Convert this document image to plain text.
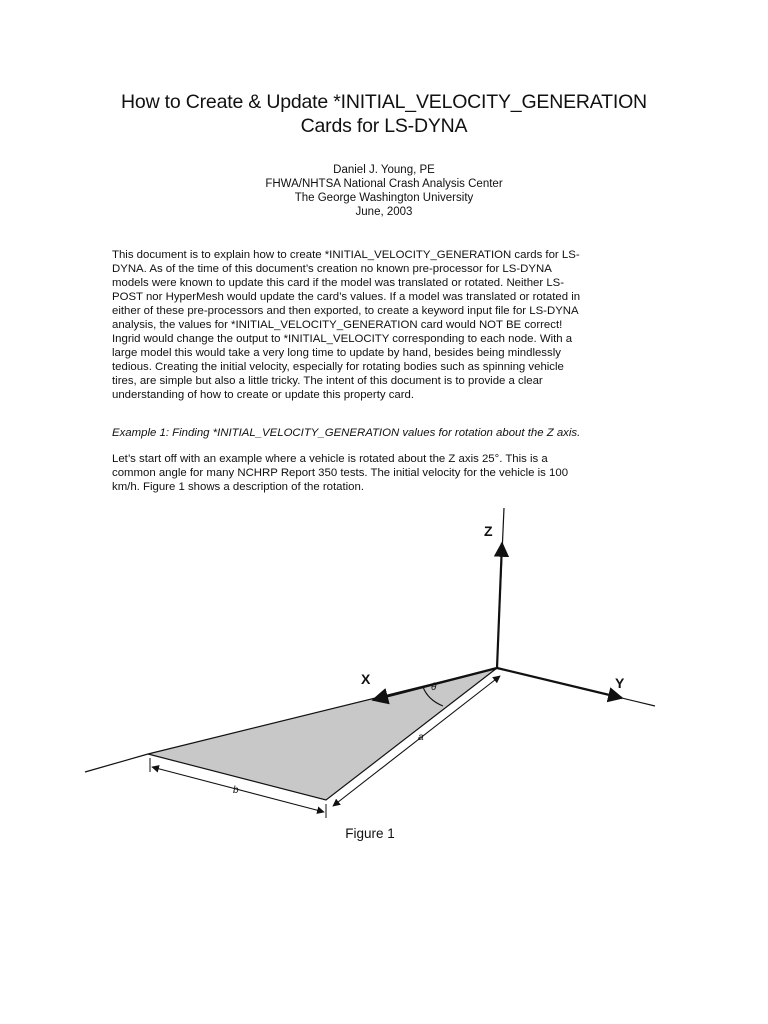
How to Create & Update *INITIAL_VELOCITY_GENERATION
Cards for LS-DYNA
Daniel J. Young, PE
FHWA/NHTSA National Crash Analysis Center
The George Washington University
June, 2003
This document is to explain how to create *INITIAL_VELOCITY_GENERATION cards for LS-
DYNA. As of the time of this document’s creation no known pre-processor for LS-DYNA
models were known to update this card if the model was translated or rotated. Neither LS-
POST nor HyperMesh would update the card’s values. If a model was translated or rotated in
either of these pre-processors and then exported, to create a keyword input file for LS-DYNA
analysis, the values for *INITIAL_VELOCITY_GENERATION card would NOT BE correct!
Ingrid would change the output to *INITIAL_VELOCITY corresponding to each node. With a
large model this would take a very long time to update by hand, besides being mindlessly
tedious. Creating the initial velocity, especially for rotating bodies such as spinning vehicle
tires, are simple but also a little tricky. The intent of this document is to provide a clear
understanding of how to create or update this property card.
Example 1: Finding *INITIAL_VELOCITY_GENERATION values for rotation about the Z axis.
Let’s start off with an example where a vehicle is rotated about the Z axis 25°. This is a
common angle for many NCHRP Report 350 tests. The initial velocity for the vehicle is 100
km/h. Figure 1 shows a description of the rotation.
Z
X	Y
θ
a
b
Figure 1
